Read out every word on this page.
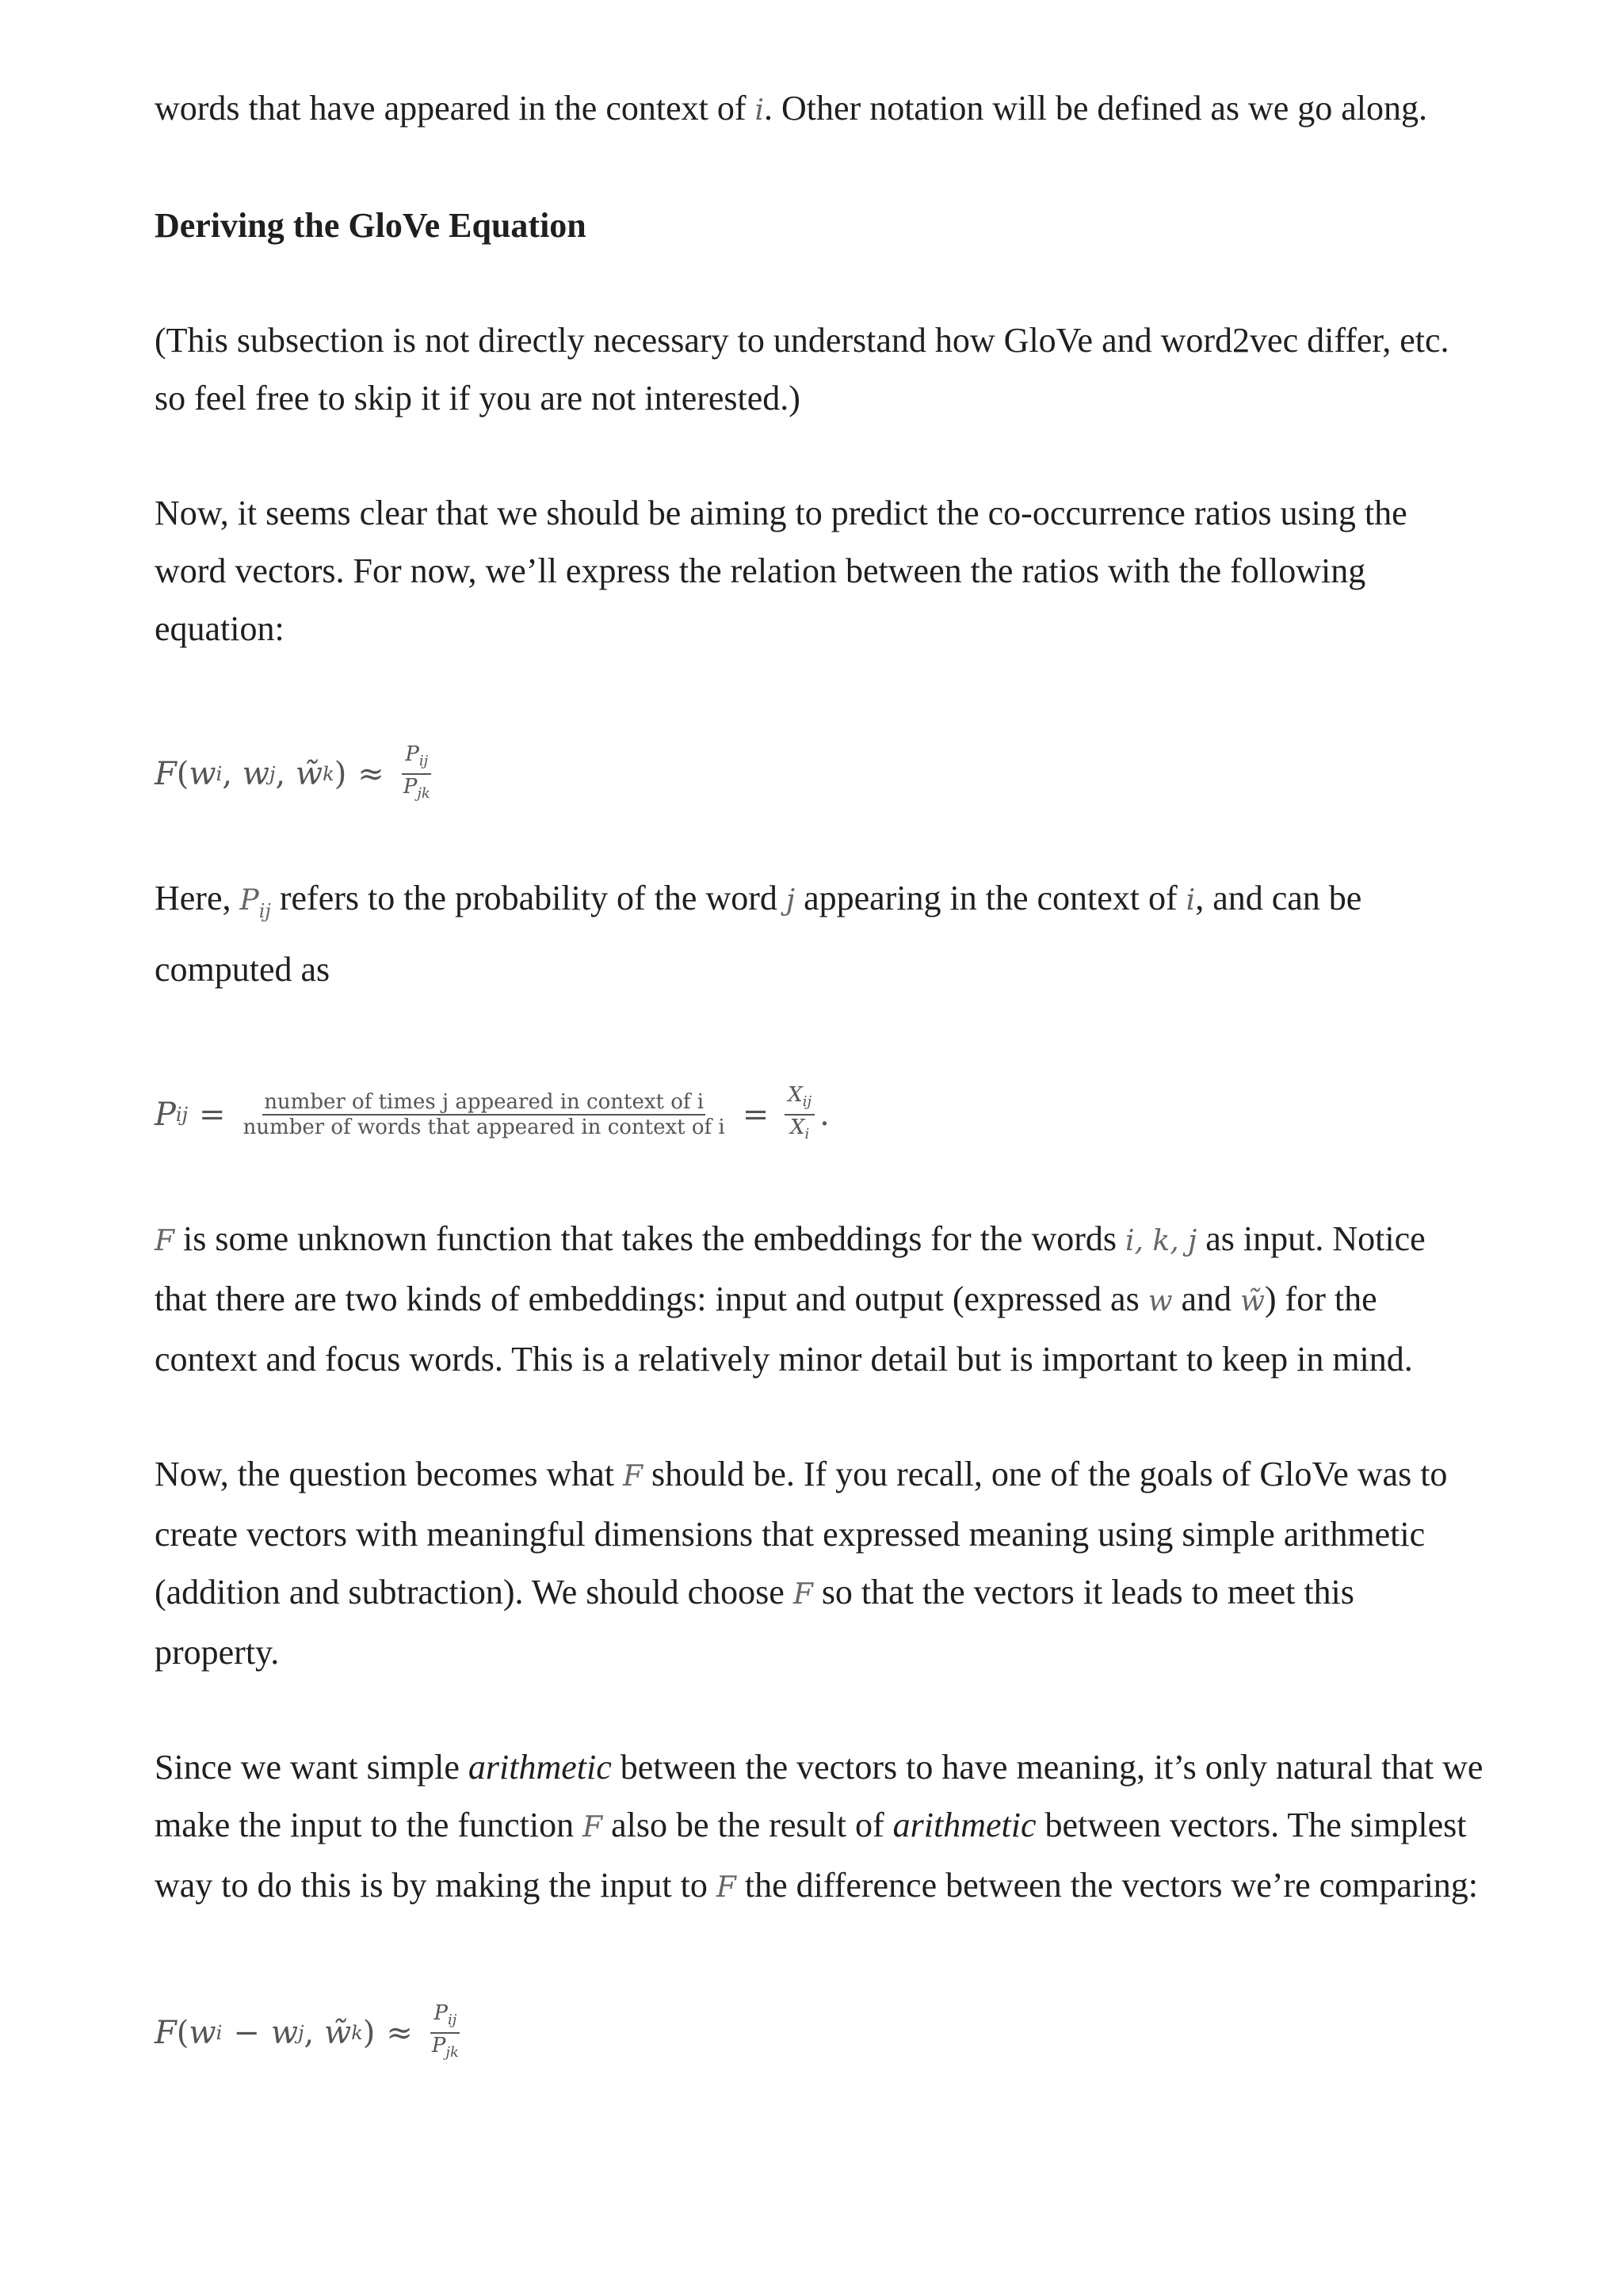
words that have appeared in the context of i. Other notation will be defined as we go along.

Deriving the GloVe Equation

(This subsection is not directly necessary to understand how GloVe and word2vec differ, etc. so feel free to skip it if you are not interested.)

Now, it seems clear that we should be aiming to predict the co-occurrence ratios using the word vectors. For now, we’ll express the relation between the ratios with the following equation:

F ( w i , w j , w̃ k ) ≈ $\frac{P_{ij}}{P_{jk}}$

Here, $P_{ij}$ refers to the probability of the word j appearing in the context of i, and can be computed as

P ij = $\frac{\text{number of times j appeared in context of i}}{\text{number of words that appeared in context of i}} = \frac{X_{ij}}{X_i}$ .

F is some unknown function that takes the embeddings for the words i, k, j as input. Notice that there are two kinds of embeddings: input and output (expressed as w and w̃) for the context and focus words. This is a relatively minor detail but is important to keep in mind.

Now, the question becomes what F should be. If you recall, one of the goals of GloVe was to create vectors with meaningful dimensions that expressed meaning using simple arithmetic (addition and subtraction). We should choose F so that the vectors it leads to meet this property.

Since we want simple arithmetic between the vectors to have meaning, it’s only natural that we make the input to the function F also be the result of arithmetic between vectors. The simplest way to do this is by making the input to F the difference between the vectors we’re comparing:

F ( w i − w j , w̃ k ) ≈ $\frac{P_{ij}}{P_{jk}}$
